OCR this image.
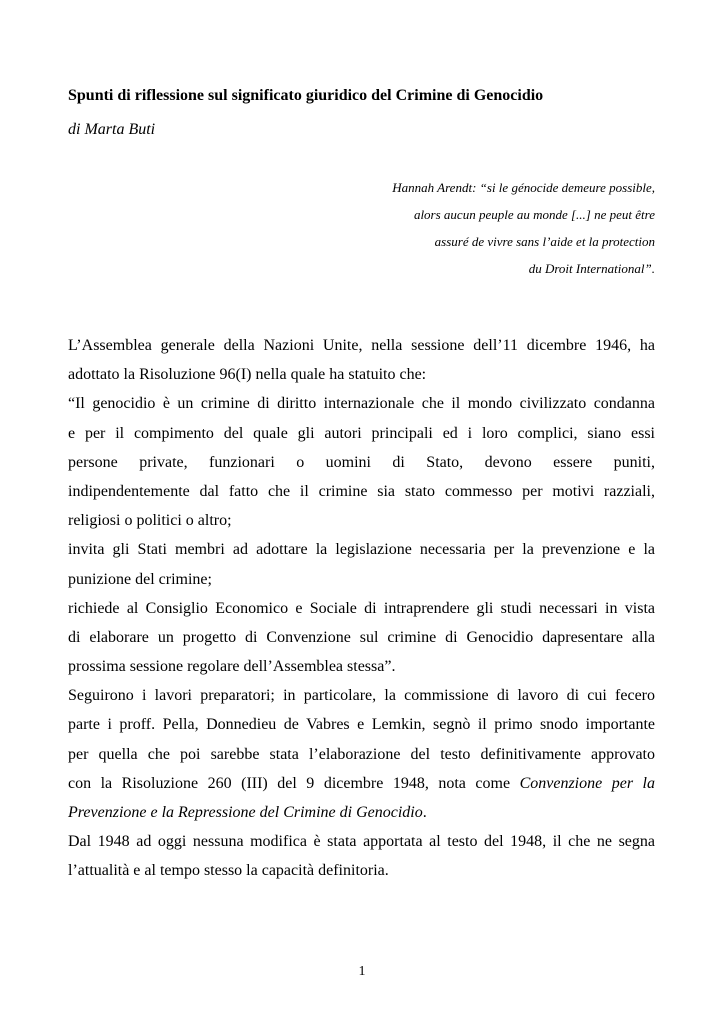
Spunti di riflessione sul significato giuridico del Crimine di Genocidio
di Marta Buti
Hannah Arendt: “si le génocide demeure possible,
alors aucun peuple au monde [...] ne peut être
assuré de vivre sans l’aide et la protection
du Droit International”.
L’Assemblea generale della Nazioni Unite, nella sessione dell’11 dicembre 1946, ha
adottato la Risoluzione 96(I) nella quale ha statuito che:
“Il genocidio è un crimine di diritto internazionale che il mondo civilizzato condanna
e per il compimento del quale gli autori principali ed i loro complici, siano essi
persone private, funzionari o uomini di Stato, devono essere puniti,
indipendentemente dal fatto che il crimine sia stato commesso per motivi razziali,
religiosi o politici o altro;
invita gli Stati membri ad adottare la legislazione necessaria per la prevenzione e la
punizione del crimine;
richiede al Consiglio Economico e Sociale di intraprendere gli studi necessari in vista
di elaborare un progetto di Convenzione sul crimine di Genocidio dapresentare alla
prossima sessione regolare dell’Assemblea stessa”.
Seguirono i lavori preparatori; in particolare, la commissione di lavoro di cui fecero
parte i proff. Pella, Donnedieu de Vabres e Lemkin, segnò il primo snodo importante
per quella che poi sarebbe stata l’elaborazione del testo definitivamente approvato
con la Risoluzione 260 (III) del 9 dicembre 1948, nota come Convenzione per la
Prevenzione e la Repressione del Crimine di Genocidio.
Dal 1948 ad oggi nessuna modifica è stata apportata al testo del 1948, il che ne segna
l’attualità e al tempo stesso la capacità definitoria.
1
